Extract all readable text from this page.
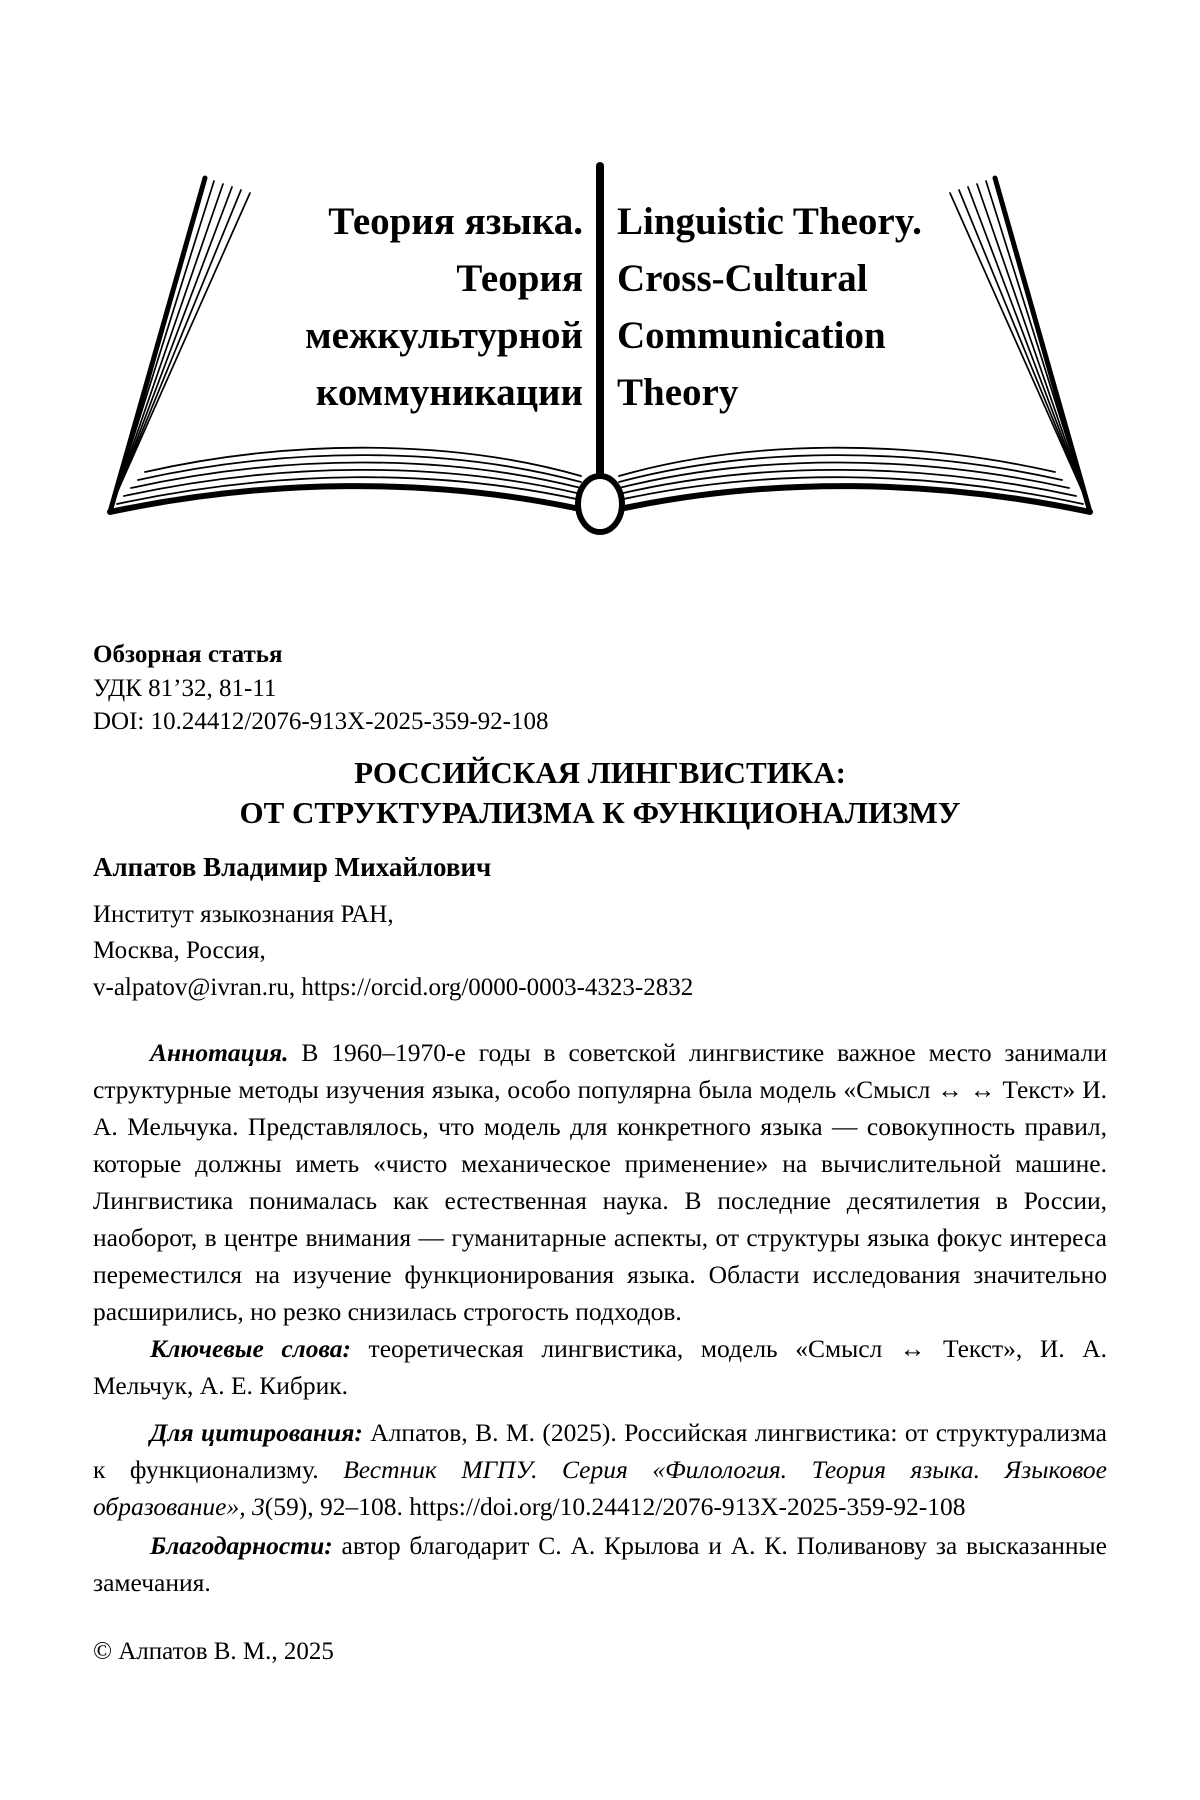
Теория языка.
Теория
межкультурной
коммуникации
Linguistic Theory.
Cross-Cultural
Communication
Theory

Обзорная статья

УДК 81’32, 81-11

DOI: 10.24412/2076-913X-2025-359-92-108

РОССИЙСКАЯ ЛИНГВИСТИКА:
ОТ СТРУКТУРАЛИЗМА К ФУНКЦИОНАЛИЗМУ

Алпатов Владимир Михайлович

Институт языкознания РАН,

Москва, Россия,

v-alpatov@ivran.ru, https://orcid.org/0000-0003-4323-2832

Аннотация. В 1960–1970-е годы в советской лингвистике важное место занимали структурные методы изучения языка, особо популярна была модель «Смысл ↔ ↔ Текст» И. А. Мельчука. Представлялось, что модель для конкретного языка — совокупность правил, которые должны иметь «чисто механическое применение» на вычислительной машине. Лингвистика понималась как естественная наука. В последние десятилетия в России, наоборот, в центре внимания — гуманитарные аспекты, от структуры языка фокус интереса переместился на изучение функционирования языка. Области исследования значительно расширились, но резко снизилась строгость подходов.

Ключевые слова: теоретическая лингвистика, модель «Смысл ↔ Текст», И. А. Мельчук, А. Е. Кибрик.

Для цитирования: Алпатов, В. М. (2025). Российская лингвистика: от структурализма к функционализму. Вестник МГПУ. Серия «Филология. Теория языка. Языковое образование», 3(59), 92–108. https://doi.org/10.24412/2076-913X-2025-359-92-108

Благодарности: автор благодарит С. А. Крылова и А. К. Поливанову за высказанные замечания.

© Алпатов В. М., 2025
